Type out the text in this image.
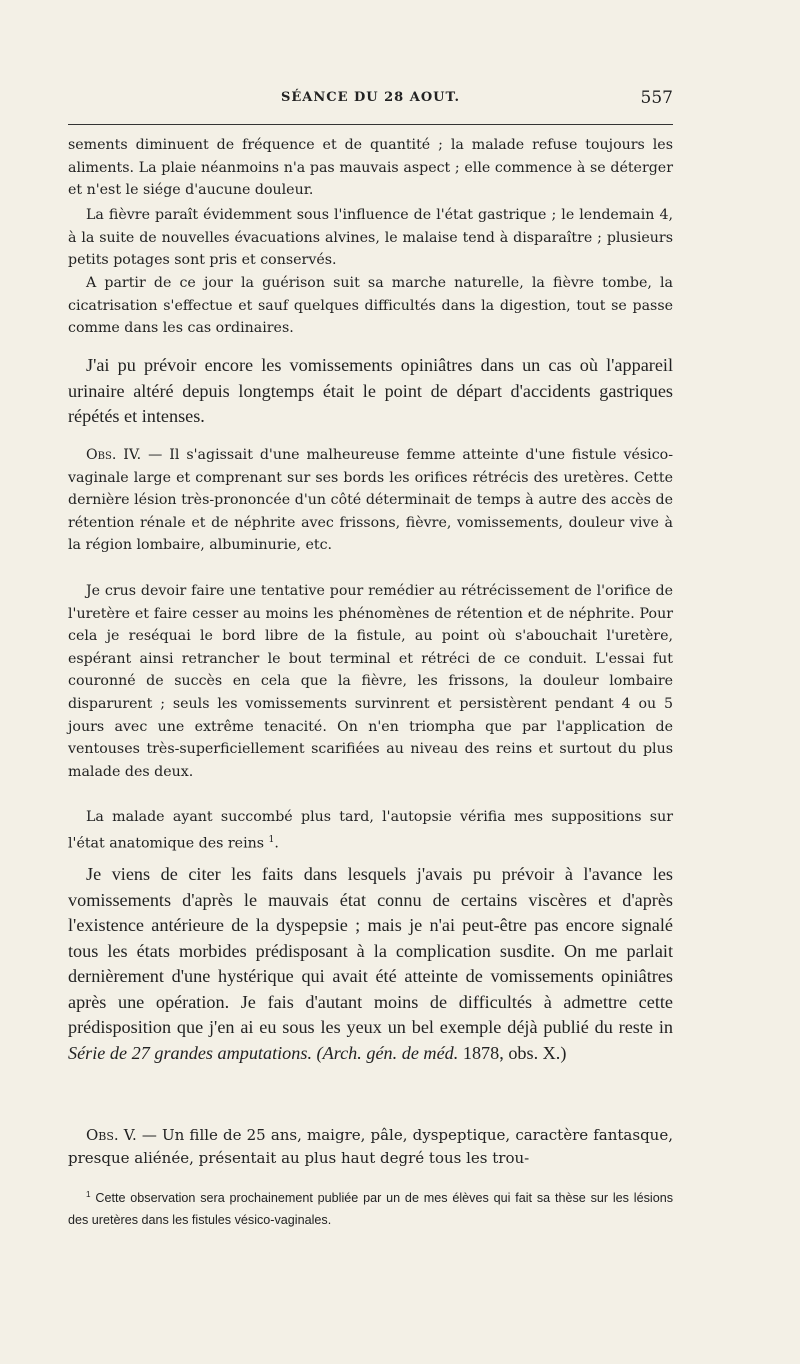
SÉANCE DU 28 AOUT.	557

sements diminuent de fréquence et de quantité ; la malade refuse toujours les aliments. La plaie néanmoins n'a pas mauvais aspect ; elle commence à se déterger et n'est le siége d'aucune douleur.

La fièvre paraît évidemment sous l'influence de l'état gastrique ; le lendemain 4, à la suite de nouvelles évacuations alvines, le malaise tend à disparaître ; plusieurs petits potages sont pris et conservés.

A partir de ce jour la guérison suit sa marche naturelle, la fièvre tombe, la cicatrisation s'effectue et sauf quelques difficultés dans la digestion, tout se passe comme dans les cas ordinaires.

J'ai pu prévoir encore les vomissements opiniâtres dans un cas où l'appareil urinaire altéré depuis longtemps était le point de départ d'accidents gastriques répétés et intenses.

Obs. IV. — Il s'agissait d'une malheureuse femme atteinte d'une fistule vésico-vaginale large et comprenant sur ses bords les orifices rétrécis des uretères. Cette dernière lésion très-prononcée d'un côté déterminait de temps à autre des accès de rétention rénale et de néphrite avec frissons, fièvre, vomissements, douleur vive à la région lombaire, albuminurie, etc.

Je crus devoir faire une tentative pour remédier au rétrécissement de l'orifice de l'uretère et faire cesser au moins les phénomènes de rétention et de néphrite. Pour cela je reséquai le bord libre de la fistule, au point où s'abouchait l'uretère, espérant ainsi retrancher le bout terminal et rétréci de ce conduit. L'essai fut couronné de succès en cela que la fièvre, les frissons, la douleur lombaire disparurent ; seuls les vomissements survinrent et persistèrent pendant 4 ou 5 jours avec une extrême tenacité. On n'en triompha que par l'application de ventouses très-superficiellement scarifiées au niveau des reins et surtout du plus malade des deux.

La malade ayant succombé plus tard, l'autopsie vérifia mes suppositions sur l'état anatomique des reins $^1$.

Je viens de citer les faits dans lesquels j'avais pu prévoir à l'avance les vomissements d'après le mauvais état connu de certains viscères et d'après l'existence antérieure de la dyspepsie ; mais je n'ai peut-être pas encore signalé tous les états morbides prédisposant à la complication susdite. On me parlait dernièrement d'une hystérique qui avait été atteinte de vomissements opiniâtres après une opération. Je fais d'autant moins de difficultés à admettre cette prédisposition que j'en ai eu sous les yeux un bel exemple déjà publié du reste in Série de 27 grandes amputations. (Arch. gén. de méd. 1878, obs. X.)

Obs. V. — Un fille de 25 ans, maigre, pâle, dyspeptique, caractère fantasque, presque aliénée, présentait au plus haut degré tous les trou-

$^1$ Cette observation sera prochainement publiée par un de mes élèves qui fait sa thèse sur les lésions des uretères dans les fistules vésico-vaginales.
